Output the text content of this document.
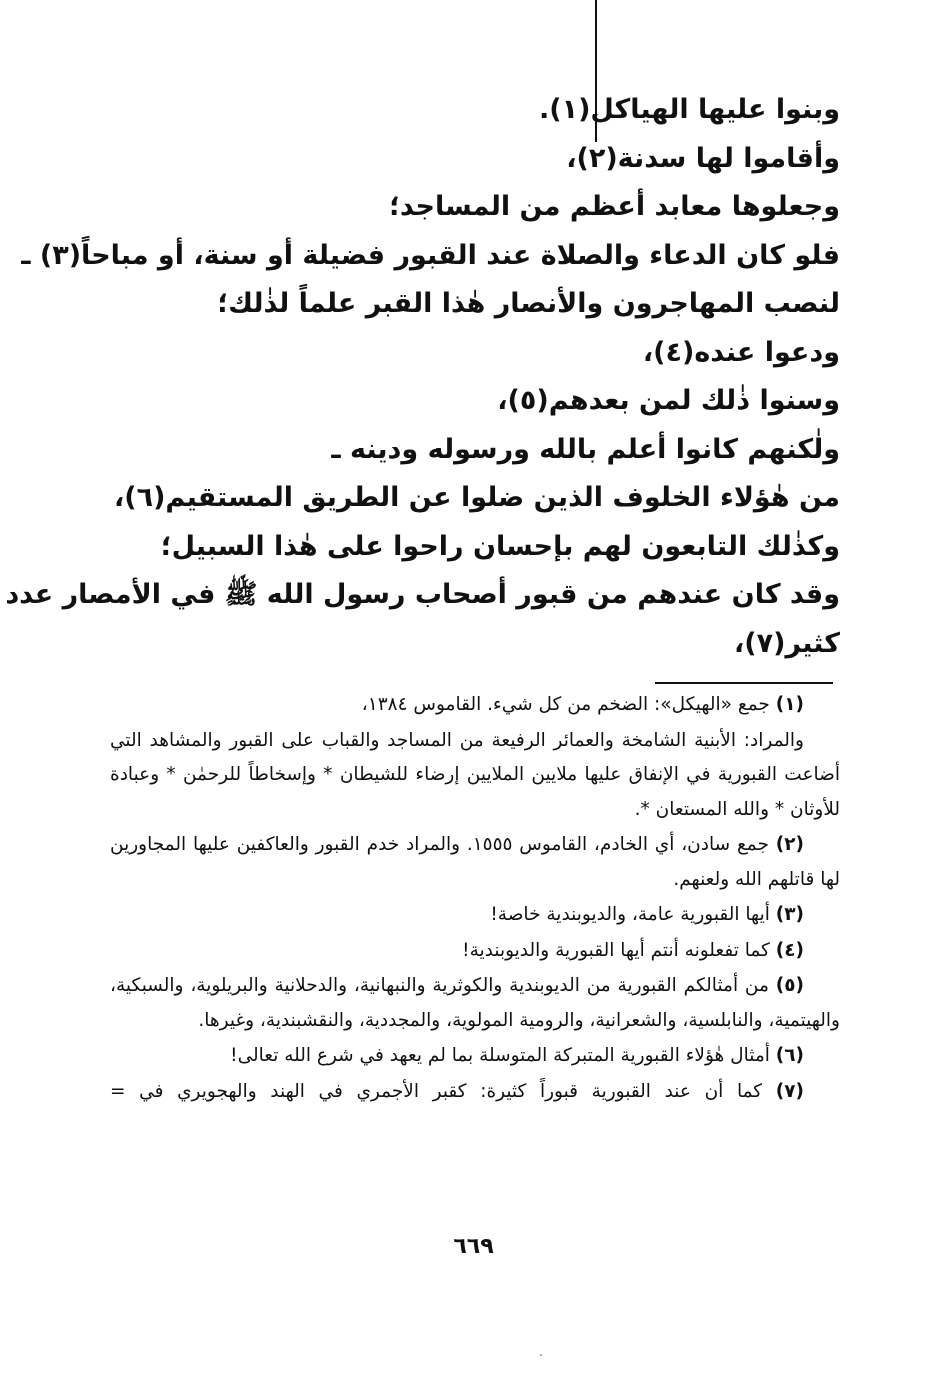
وبنوا عليها الهياكل(١).
وأقاموا لها سدنة(٢)،
وجعلوها معابد أعظم من المساجد؛
فلو كان الدعاء والصلاة عند القبور فضيلة أو سنة، أو مباحاً(٣) ـ
لنصب المهاجرون والأنصار هٰذا القبر علماً لذٰلك؛
ودعوا عنده(٤)،
وسنوا ذٰلك لمن بعدهم(٥)،
ولٰكنهم كانوا أعلم بالله ورسوله ودينه ـ
من هٰؤلاء الخلوف الذين ضلوا عن الطريق المستقيم(٦)،
وكذٰلك التابعون لهم بإحسان راحوا على هٰذا السبيل؛
وقد كان عندهم من قبور أصحاب رسول الله ﷺ في الأمصار عدد
كثير(٧)،
(١) جمع «الهيكل»: الضخم من كل شيء. القاموس ١٣٨٤،
والمراد: الأبنية الشامخة والعمائر الرفيعة من المساجد والقباب على القبور والمشاهد التي أضاعت القبورية في الإنفاق عليها ملايين الملايين إرضاء للشيطان * وإسخاطاً للرحمٰن * وعبادة للأوثان * والله المستعان *.
(٢) جمع سادن، أي الخادم، القاموس ١٥٥٥. والمراد خدم القبور والعاكفين عليها المجاورين لها قاتلهم الله ولعنهم.
(٣) أيها القبورية عامة، والديوبندية خاصة!
(٤) كما تفعلونه أنتم أيها القبورية والديوبندية!
(٥) من أمثالكم القبورية من الديوبندية والكوثرية والنبهانية، والدحلانية والبريلوية، والسبكية، والهيتمية، والنابلسية، والشعرانية، والرومية المولوية، والمجددية، والنقشبندية، وغيرها.
(٦) أمثال هٰؤلاء القبورية المتبركة المتوسلة بما لم يعهد في شرع الله تعالى!
(٧) كما أن عند القبورية قبوراً كثيرة: كقبر الأجمري في الهند والهجويري في =
٦٦٩
